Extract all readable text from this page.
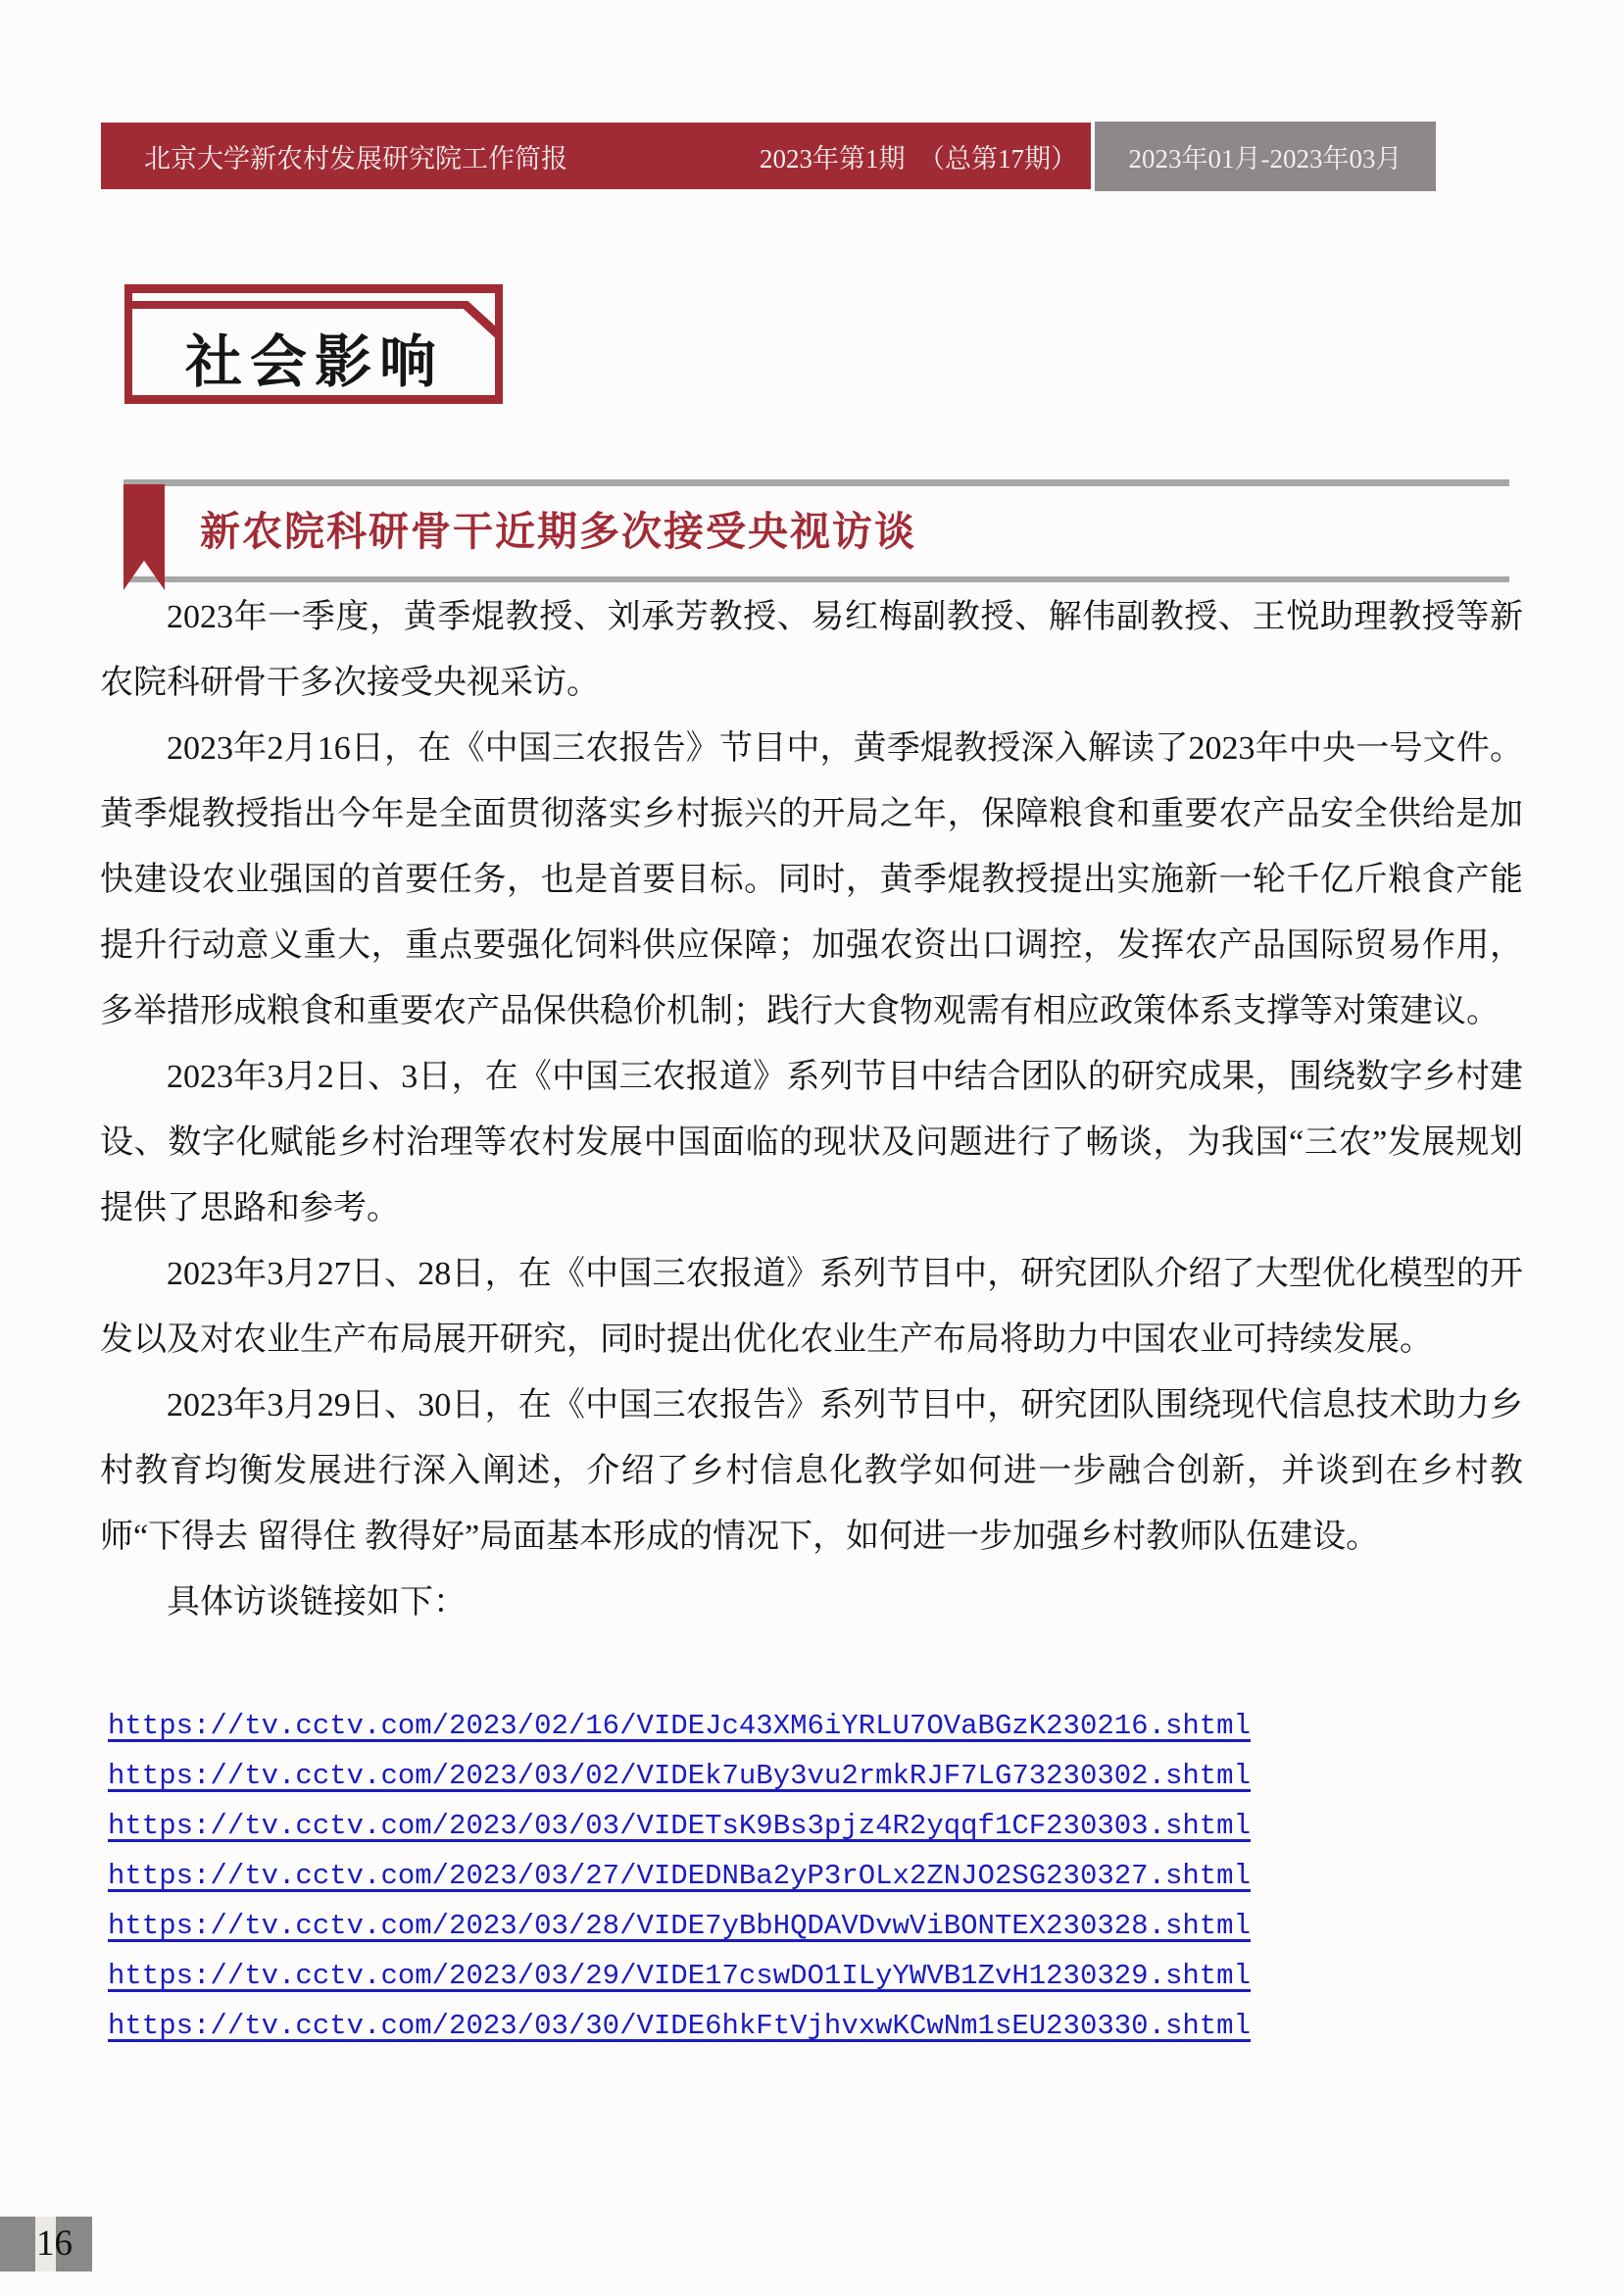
北京大学新农村发展研究院工作简报	2023年第1期　（总第17期） 2023年01月-2023年03月
社会影响
新农院科研骨干近期多次接受央视访谈

2023年一季度，黄季焜教授、刘承芳教授、易红梅副教授、解伟副教授、王悦助理教授等新农院科研骨干多次接受央视采访。

2023年2月16日，在《中国三农报告》节目中，黄季焜教授深入解读了2023年中央一号文件。黄季焜教授指出今年是全面贯彻落实乡村振兴的开局之年，保障粮食和重要农产品安全供给是加快建设农业强国的首要任务，也是首要目标。同时，黄季焜教授提出实施新一轮千亿斤粮食产能提升行动意义重大，重点要强化饲料供应保障；加强农资出口调控，发挥农产品国际贸易作用，多举措形成粮食和重要农产品保供稳价机制；践行大食物观需有相应政策体系支撑等对策建议。

2023年3月2日、3日，在《中国三农报道》系列节目中结合团队的研究成果，围绕数字乡村建设、数字化赋能乡村治理等农村发展中国面临的现状及问题进行了畅谈，为我国“三农”发展规划提供了思路和参考。

2023年3月27日、28日，在《中国三农报道》系列节目中，研究团队介绍了大型优化模型的开发以及对农业生产布局展开研究，同时提出优化农业生产布局将助力中国农业可持续发展。

2023年3月29日、30日，在《中国三农报告》系列节目中，研究团队围绕现代信息技术助力乡村教育均衡发展进行深入阐述，介绍了乡村信息化教学如何进一步融合创新，并谈到在乡村教师“下得去 留得住 教得好”局面基本形成的情况下，如何进一步加强乡村教师队伍建设。

具体访谈链接如下：

https://tv.cctv.com/2023/02/16/VIDEJc43XM6iYRLU7OVaBGzK230216.shtml
https://tv.cctv.com/2023/03/02/VIDEk7uBy3vu2rmkRJF7LG73230302.shtml
https://tv.cctv.com/2023/03/03/VIDETsK9Bs3pjz4R2yqqf1CF230303.shtml
https://tv.cctv.com/2023/03/27/VIDEDNBa2yP3rOLx2ZNJO2SG230327.shtml
https://tv.cctv.com/2023/03/28/VIDE7yBbHQDAVDvwViBONTEX230328.shtml
https://tv.cctv.com/2023/03/29/VIDE17cswDO1ILyYWVB1ZvH1230329.shtml
https://tv.cctv.com/2023/03/30/VIDE6hkFtVjhvxwKCwNm1sEU230330.shtml
16
